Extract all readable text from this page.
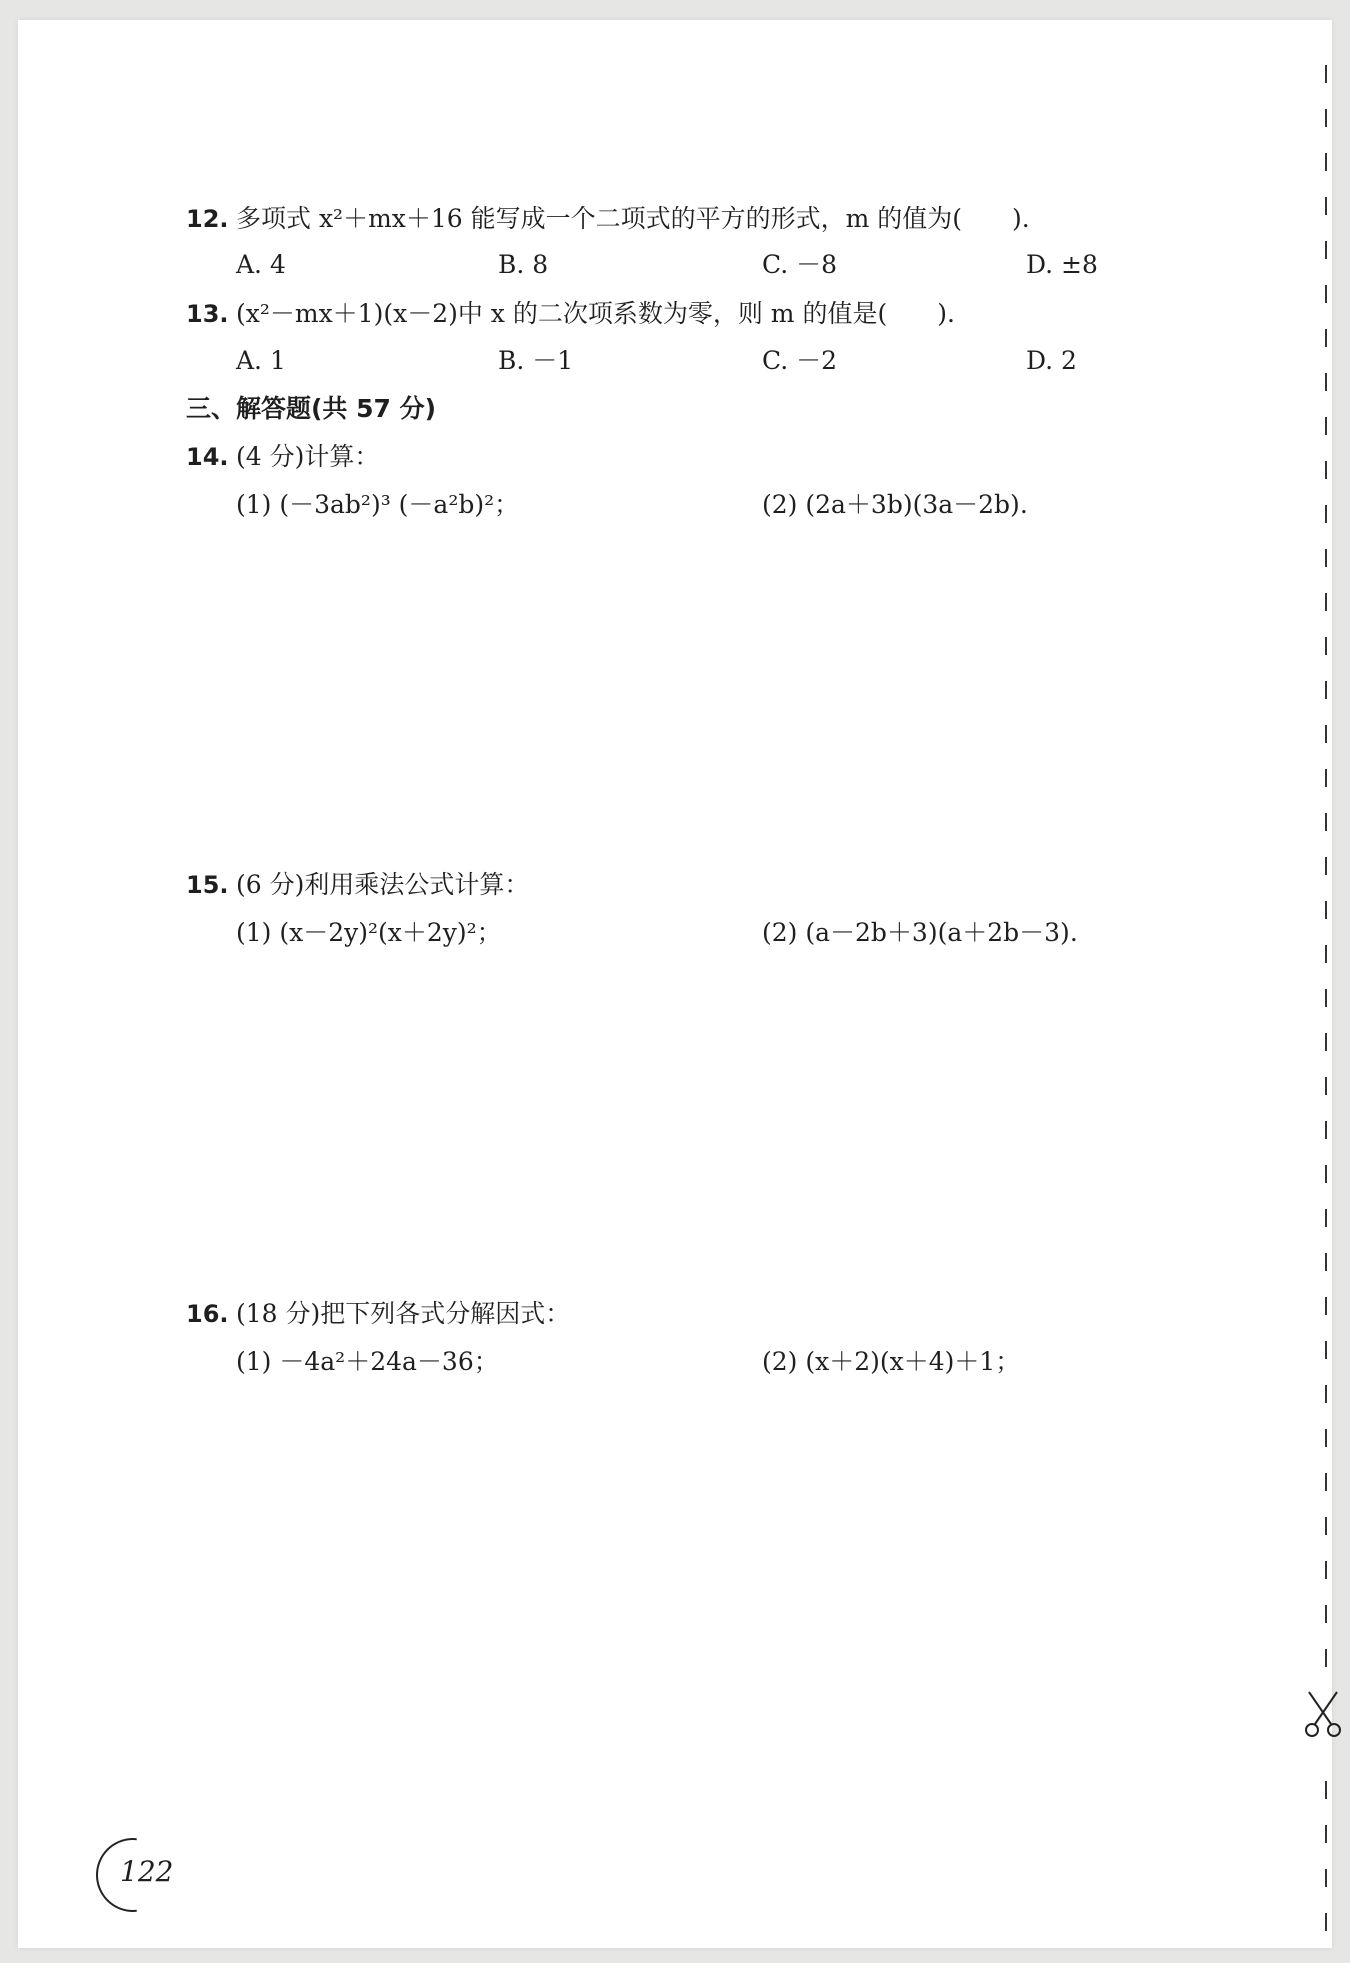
12. 多项式 x²＋mx＋16 能写成一个二项式的平方的形式，m 的值为(　　).
A. 4	B. 8	C. －8	D. ±8
13. (x²－mx＋1)(x－2)中 x 的二次项系数为零，则 m 的值是(　　).
A. 1	B. －1	C. －2	D. 2
三、解答题(共 57 分)
14. (4 分)计算：
(1) (－3ab²)³ (－a²b)²；	(2) (2a＋3b)(3a－2b).
15. (6 分)利用乘法公式计算：
(1) (x－2y)²(x＋2y)²；	(2) (a－2b＋3)(a＋2b－3).
16. (18 分)把下列各式分解因式：
(1) －4a²＋24a－36；	(2) (x＋2)(x＋4)＋1；
122
